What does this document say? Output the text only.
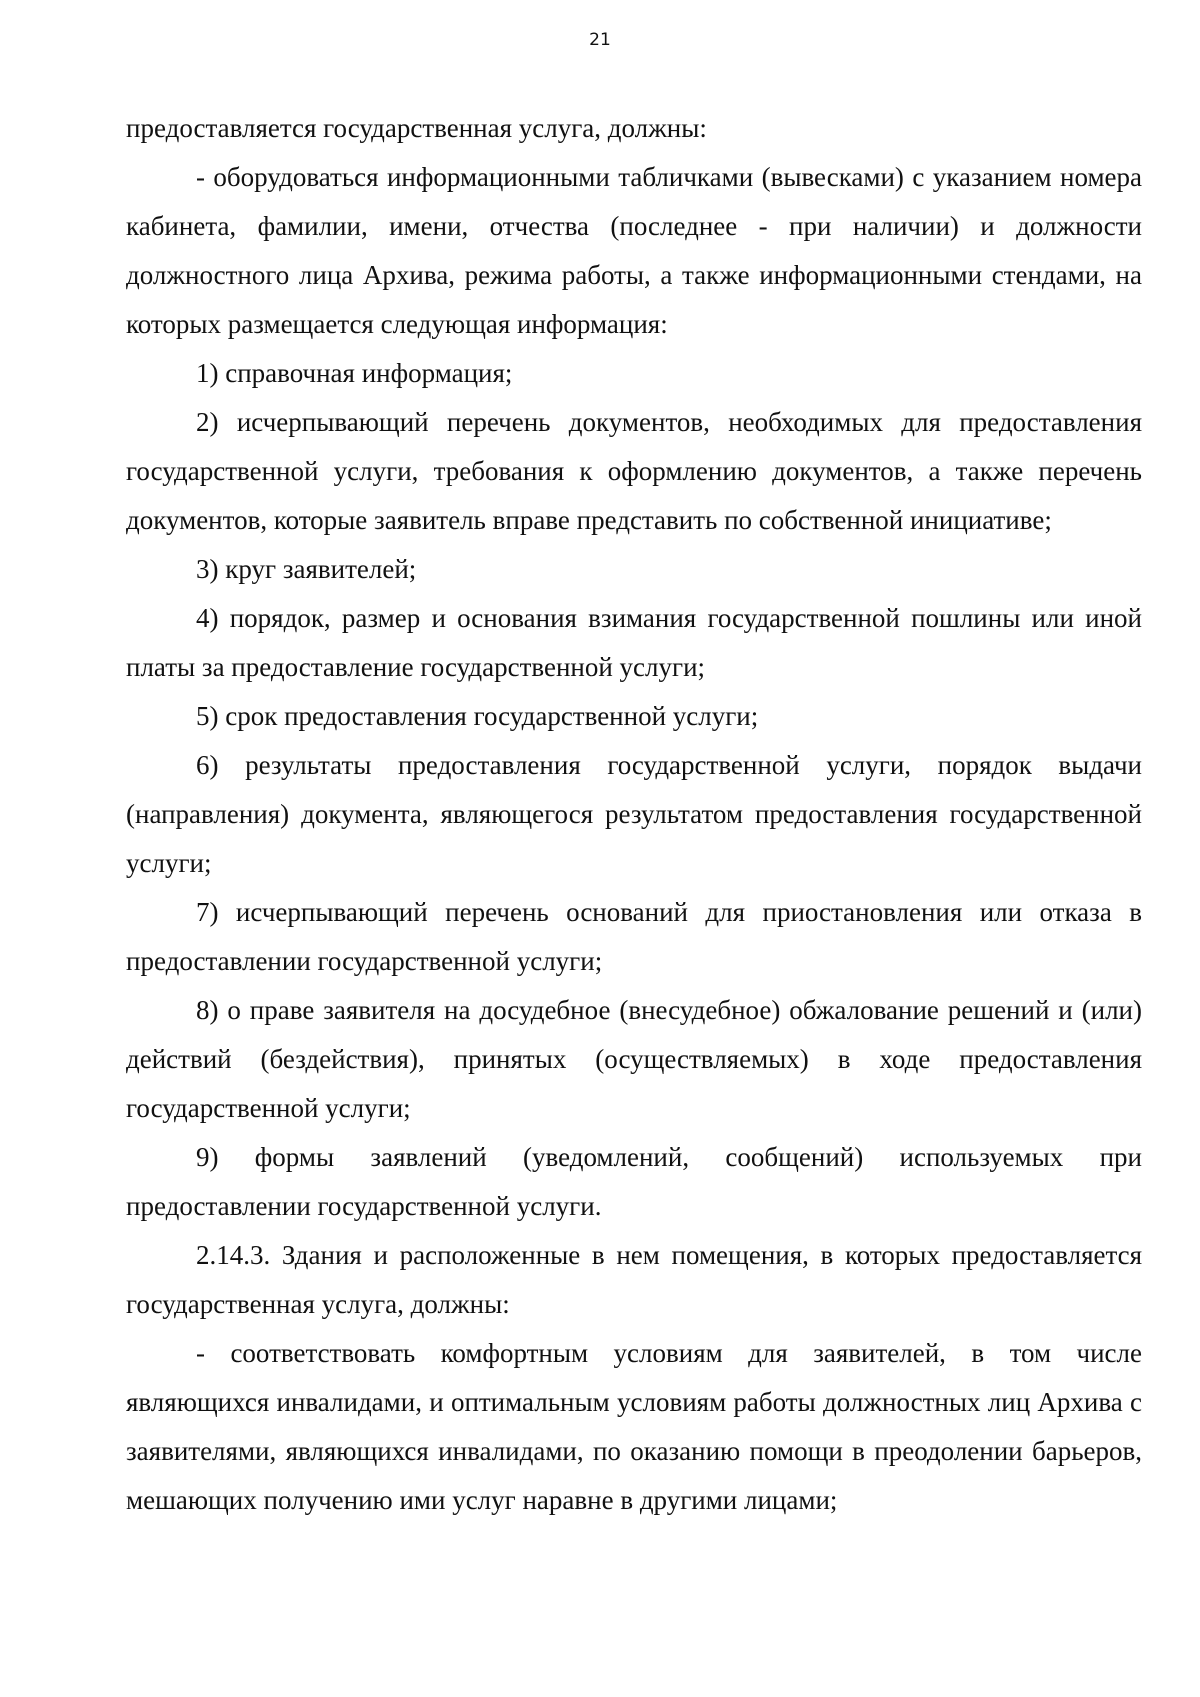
21

предоставляется государственная услуга, должны:

- оборудоваться информационными табличками (вывесками) с указанием номера кабинета, фамилии, имени, отчества (последнее - при наличии) и должности должностного лица Архива, режима работы, а также информационными стендами, на которых размещается следующая информация:

1) справочная информация;

2) исчерпывающий перечень документов, необходимых для предоставления государственной услуги, требования к оформлению документов, а также перечень документов, которые заявитель вправе представить по собственной инициативе;

3) круг заявителей;

4) порядок, размер и основания взимания государственной пошлины или иной платы за предоставление государственной услуги;

5) срок предоставления государственной услуги;

6) результаты предоставления государственной услуги, порядок выдачи (направления) документа, являющегося результатом предоставления государственной услуги;

7) исчерпывающий перечень оснований для приостановления или отказа в предоставлении государственной услуги;

8) о праве заявителя на досудебное (внесудебное) обжалование решений и (или) действий (бездействия), принятых (осуществляемых) в ходе предоставления государственной услуги;

9) формы заявлений (уведомлений, сообщений) используемых при предоставлении государственной услуги.

2.14.3. Здания и расположенные в нем помещения, в которых предоставляется государственная услуга, должны:

- соответствовать комфортным условиям для заявителей, в том числе являющихся инвалидами, и оптимальным условиям работы должностных лиц Архива с заявителями, являющихся инвалидами, по оказанию помощи в преодолении барьеров, мешающих получению ими услуг наравне в другими лицами;
